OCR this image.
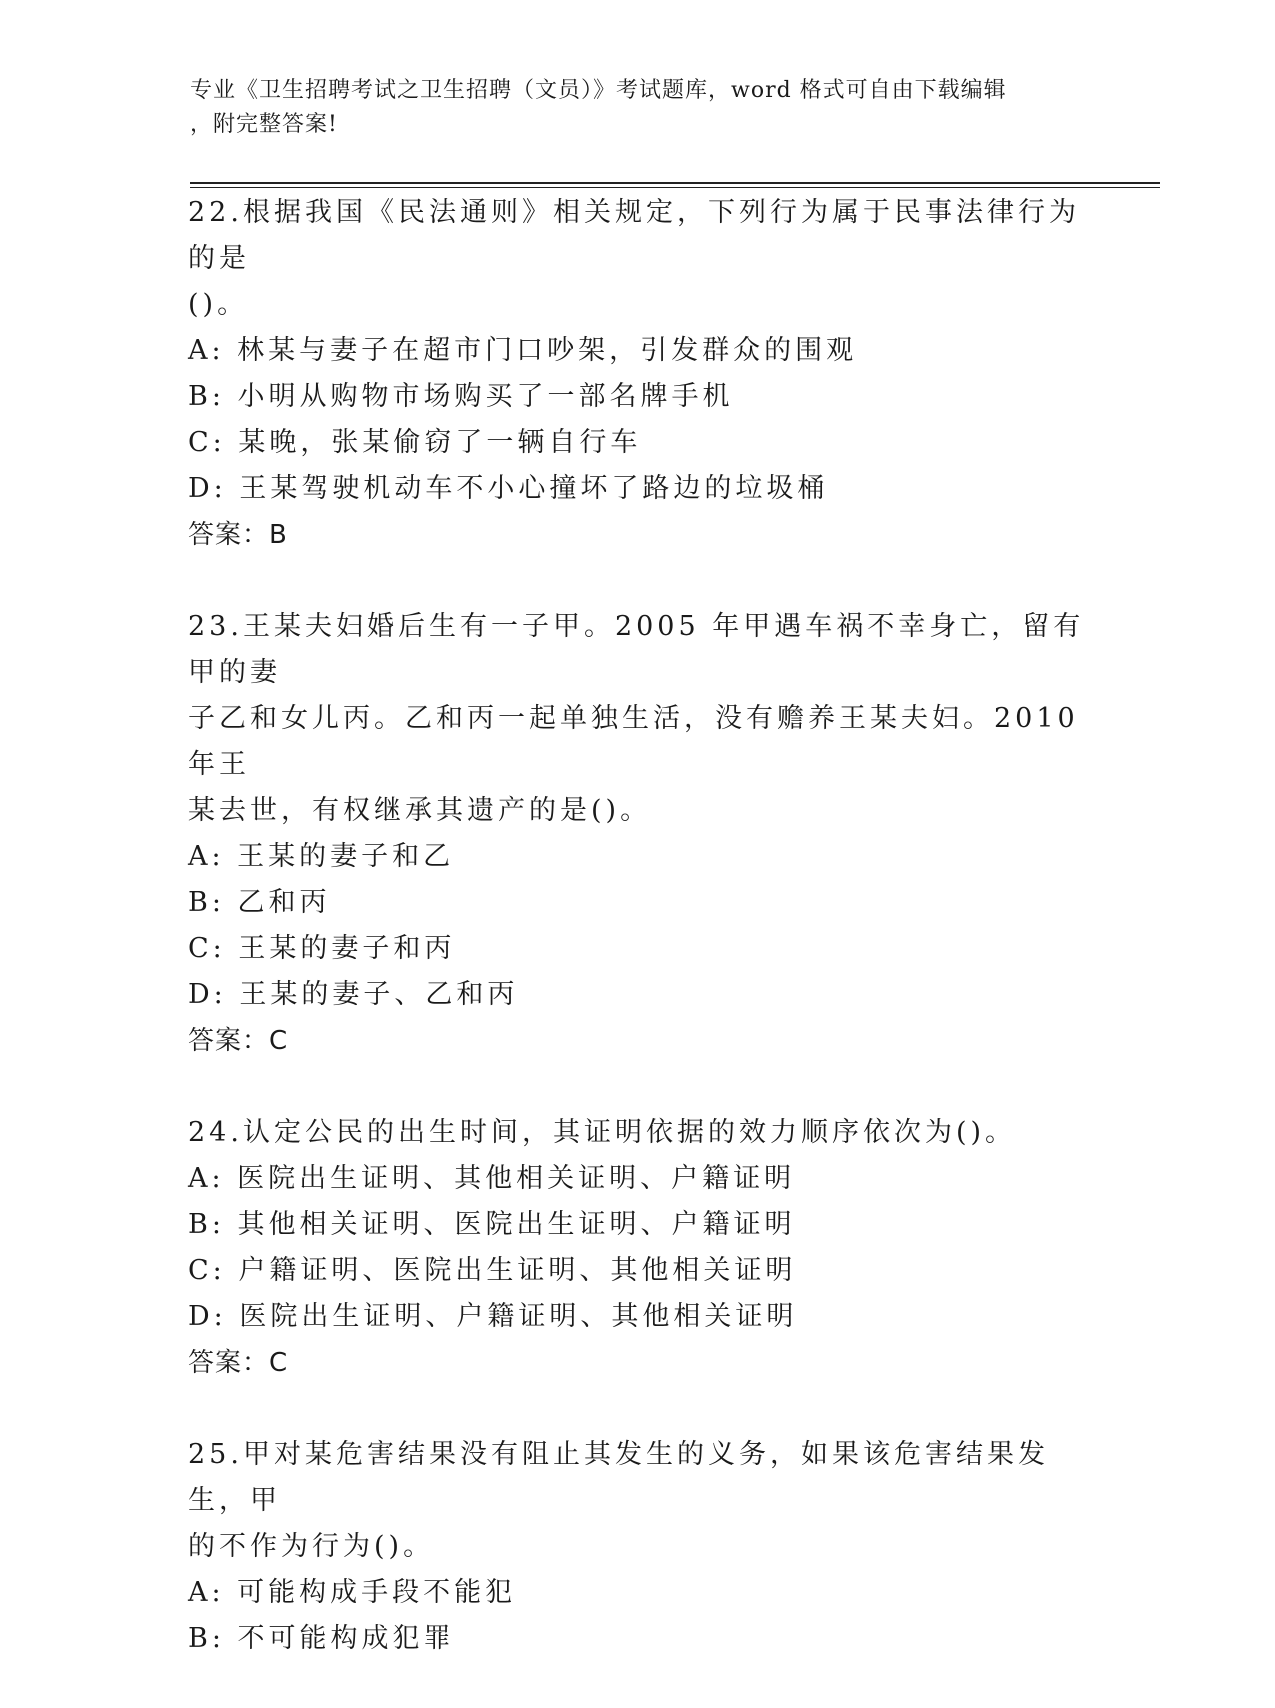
专业《卫生招聘考试之卫生招聘（文员）》考试题库，word 格式可自由下载编辑
，附完整答案!

22.根据我国《民法通则》相关规定，下列行为属于民事法律行为的是

()。

A: 林某与妻子在超市门口吵架，引发群众的围观

B: 小明从购物市场购买了一部名牌手机

C: 某晚，张某偷窃了一辆自行车

D: 王某驾驶机动车不小心撞坏了路边的垃圾桶

答案：B

23.王某夫妇婚后生有一子甲。2005 年甲遇车祸不幸身亡，留有甲的妻

子乙和女儿丙。乙和丙一起单独生活，没有赡养王某夫妇。2010 年王

某去世，有权继承其遗产的是()。

A: 王某的妻子和乙

B: 乙和丙

C: 王某的妻子和丙

D: 王某的妻子、乙和丙

答案：C

24.认定公民的出生时间，其证明依据的效力顺序依次为()。

A: 医院出生证明、其他相关证明、户籍证明

B: 其他相关证明、医院出生证明、户籍证明

C: 户籍证明、医院出生证明、其他相关证明

D: 医院出生证明、户籍证明、其他相关证明

答案：C

25.甲对某危害结果没有阻止其发生的义务，如果该危害结果发生，甲

的不作为行为()。

A: 可能构成手段不能犯

B: 不可能构成犯罪
